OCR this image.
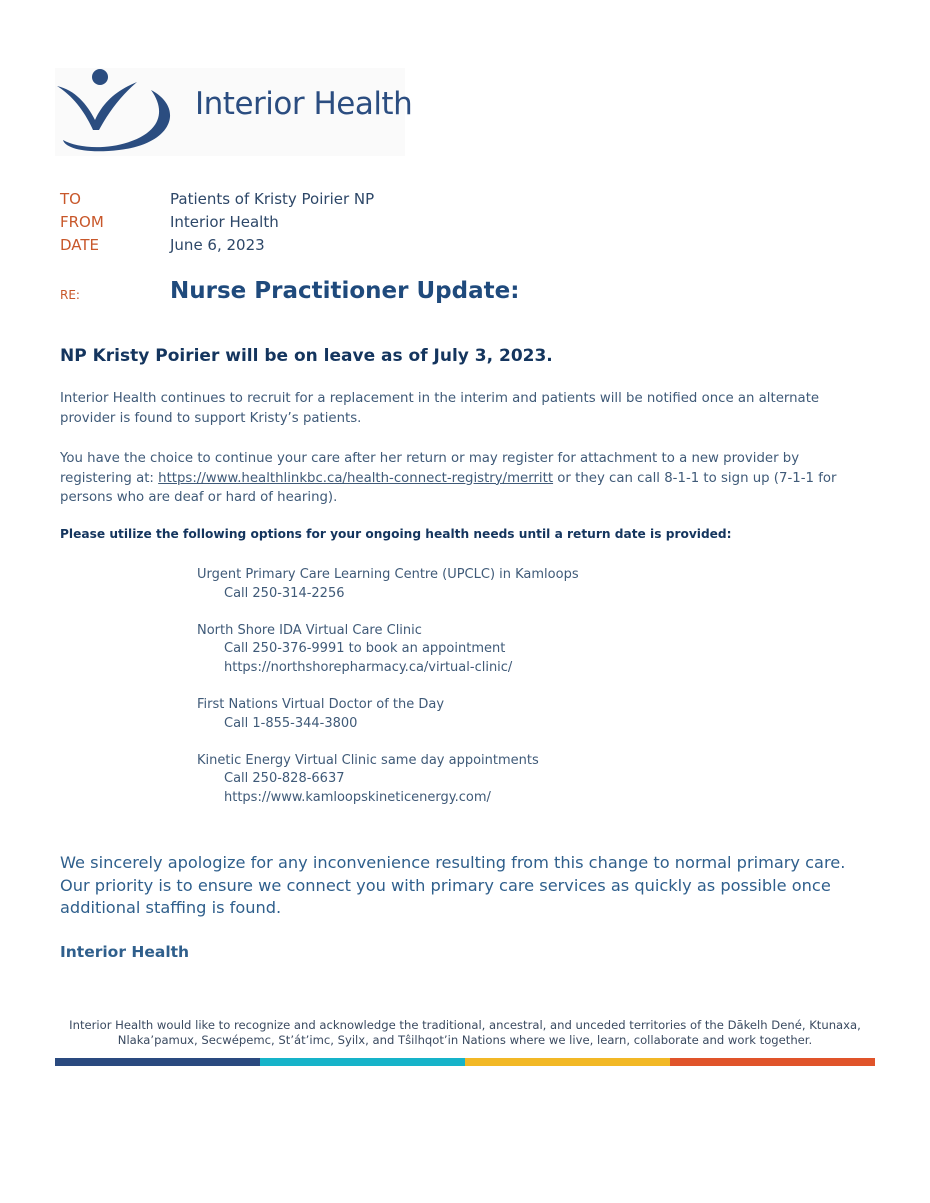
Interior Health
TO	Patients of Kristy Poirier NP
FROM	Interior Health
DATE	June 6, 2023
RE:	Nurse Practitioner Update:
NP Kristy Poirier will be on leave as of July 3, 2023.
Interior Health continues to recruit for a replacement in the interim and patients will be notified once an alternate provider is found to support Kristy’s patients.
You have the choice to continue your care after her return or may register for attachment to a new provider by registering at: https://www.healthlinkbc.ca/health-connect-registry/merritt or they can call 8-1-1 to sign up (7-1-1 for persons who are deaf or hard of hearing).
Please utilize the following options for your ongoing health needs until a return date is provided:
Urgent Primary Care Learning Centre (UPCLC) in Kamloops
Call 250-314-2256
North Shore IDA Virtual Care Clinic
Call 250-376-9991 to book an appointment
https://northshorepharmacy.ca/virtual-clinic/
First Nations Virtual Doctor of the Day
Call 1-855-344-3800
Kinetic Energy Virtual Clinic same day appointments
Call 250-828-6637
https://www.kamloopskineticenergy.com/
We sincerely apologize for any inconvenience resulting from this change to normal primary care. Our priority is to ensure we connect you with primary care services as quickly as possible once additional staffing is found.
Interior Health
Interior Health would like to recognize and acknowledge the traditional, ancestral, and unceded territories of the Dākelh Dené, Ktunaxa, Nlaka’pamux, Secwépemc, St’át’imc, Syilx, and Tŝilhqot’in Nations where we live, learn, collaborate and work together.
